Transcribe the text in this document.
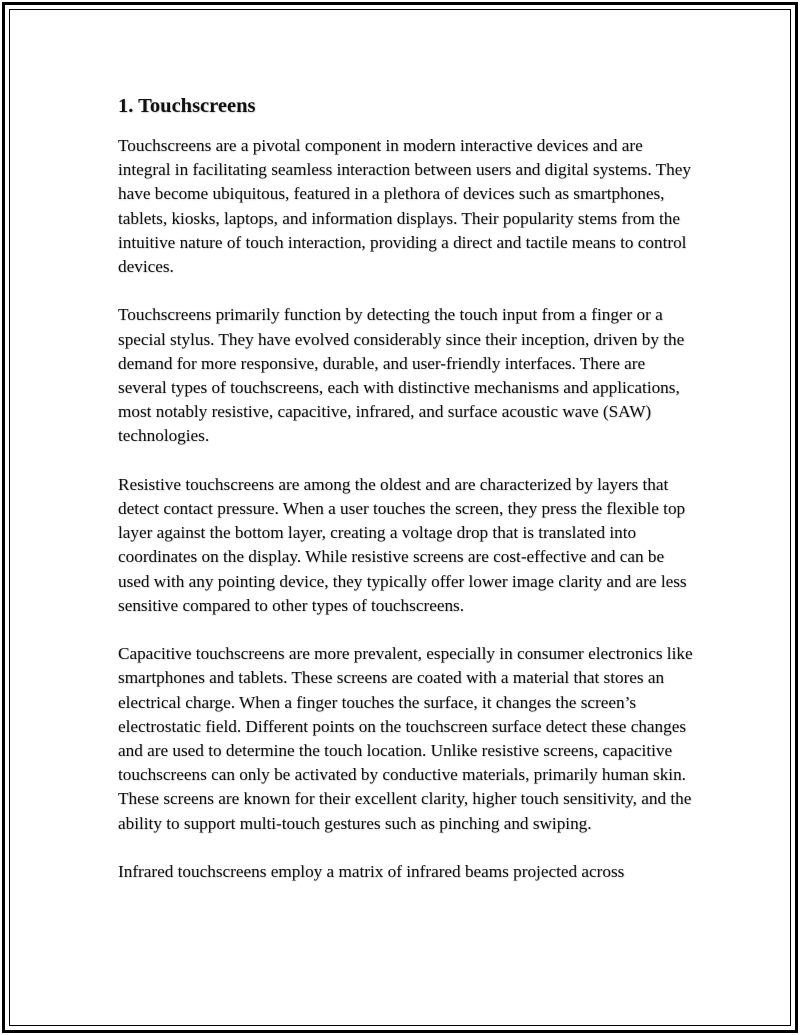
1. Touchscreens

Touchscreens are a pivotal component in modern interactive devices and are integral in facilitating seamless interaction between users and digital systems. They have become ubiquitous, featured in a plethora of devices such as smartphones, tablets, kiosks, laptops, and information displays. Their popularity stems from the intuitive nature of touch interaction, providing a direct and tactile means to control devices.

Touchscreens primarily function by detecting the touch input from a finger or a special stylus. They have evolved considerably since their inception, driven by the demand for more responsive, durable, and user-friendly interfaces. There are several types of touchscreens, each with distinctive mechanisms and applications, most notably resistive, capacitive, infrared, and surface acoustic wave (SAW) technologies.

Resistive touchscreens are among the oldest and are characterized by layers that detect contact pressure. When a user touches the screen, they press the flexible top layer against the bottom layer, creating a voltage drop that is translated into coordinates on the display. While resistive screens are cost-effective and can be used with any pointing device, they typically offer lower image clarity and are less sensitive compared to other types of touchscreens.

Capacitive touchscreens are more prevalent, especially in consumer electronics like smartphones and tablets. These screens are coated with a material that stores an electrical charge. When a finger touches the surface, it changes the screen’s electrostatic field. Different points on the touchscreen surface detect these changes and are used to determine the touch location. Unlike resistive screens, capacitive touchscreens can only be activated by conductive materials, primarily human skin. These screens are known for their excellent clarity, higher touch sensitivity, and the ability to support multi-touch gestures such as pinching and swiping.

Infrared touchscreens employ a matrix of infrared beams projected across
